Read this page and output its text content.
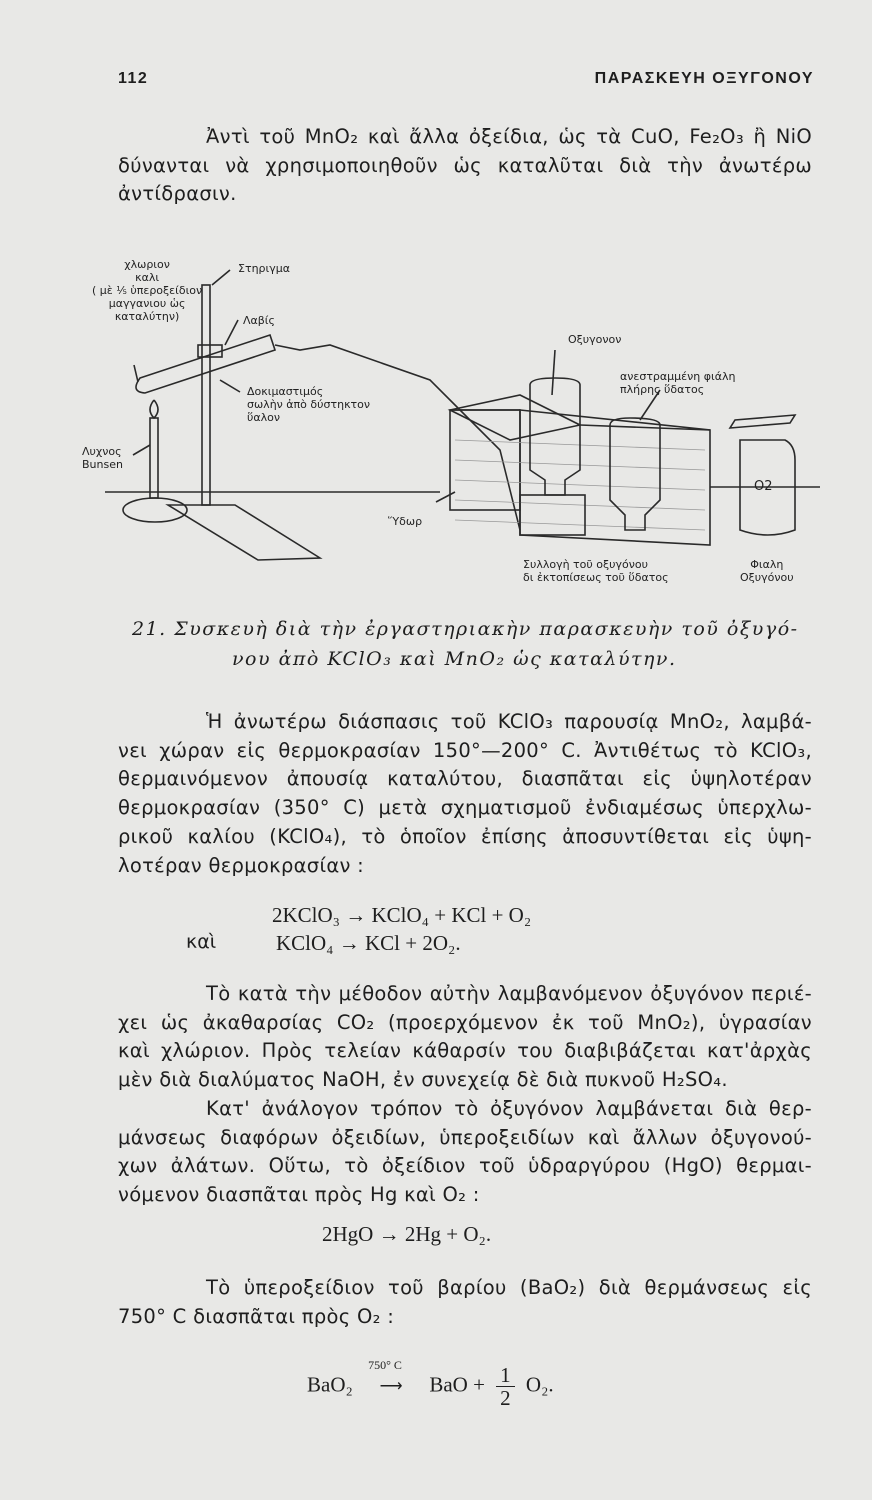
112	ΠΑΡΑΣΚΕΥΗ ΟΞΥΓΟΝΟΥ
Ἀντὶ τοῦ MnO₂ καὶ ἄλλα ὀξείδια, ὡς τὰ CuO, Fe₂O₃ ἢ NiO
δύνανται νὰ χρησιμοποιηθοῦν ὡς καταλῦται διὰ τὴν ἀνωτέρω
ἀντίδρασιν.
χλωριον
καλι
( μὲ ⅕ ὑπεροξείδιον
μαγγανιου ὡς
καταλύτην)
Στηριγμα
Λαβίς
Δοκιμαστιμός
σωλὴν ἀπὸ δύστηκτον
ὕαλον
Λυχνος
Bunsen
Ὕδωρ
Οξυγονον
ανεστραμμένη φιάλη
πλήρης ὕδατος
Συλλογὴ τοῦ οξυγόνου
δι ἐκτοπίσεως τοῦ ὕδατος
O2
Φιαλη
Οξυγόνου
21. Συσκευὴ διὰ τὴν ἐργαστηριακὴν παρασκευὴν τοῦ ὀξυγό-
νου ἀπὸ KClO₃ καὶ MnO₂ ὡς καταλύτην.
Ἡ ἀνωτέρω διάσπασις τοῦ KClO₃ παρουσίᾳ MnO₂, λαμβά-
νει χώραν εἰς θερμοκρασίαν 150°—200° C. Ἀντιθέτως τὸ KClO₃,
θερμαινόμενον ἀπουσίᾳ καταλύτου, διασπᾶται εἰς ὑψηλοτέραν
θερμοκρασίαν (350° C) μετὰ σχηματισμοῦ ἐνδιαμέσως ὑπερχλω-
ρικοῦ καλίου (KClO₄), τὸ ὁποῖον ἐπίσης ἀποσυντίθεται εἰς ὑψη-
λοτέραν θερμοκρασίαν :
2KClO₃ → KClO₄ + KCl + O₂
καὶ	KClO₄ → KCl + 2O₂.
Τὸ κατὰ τὴν μέθοδον αὐτὴν λαμβανόμενον ὀξυγόνον περιέ-
χει ὡς ἀκαθαρσίας CO₂ (προερχόμενον ἐκ τοῦ MnO₂), ὑγρασίαν
καὶ χλώριον. Πρὸς τελείαν κάθαρσίν του διαβιβάζεται κατ'ἀρχὰς
μὲν διὰ διαλύματος NaOH, ἐν συνεχείᾳ δὲ διὰ πυκνοῦ H₂SO₄.
Κατ' ἀνάλογον τρόπον τὸ ὀξυγόνον λαμβάνεται διὰ θερ-
μάνσεως διαφόρων ὀξειδίων, ὑπεροξειδίων καὶ ἄλλων ὀξυγονού-
χων ἀλάτων. Οὕτω, τὸ ὀξείδιον τοῦ ὑδραργύρου (HgO) θερμαι-
νόμενον διασπᾶται πρὸς Hg καὶ O₂ :
2HgO → 2Hg + O₂.
Τὸ ὑπεροξείδιον τοῦ βαρίου (BaO₂) διὰ θερμάνσεως εἰς
750° C διασπᾶται πρὸς O₂ :
BaO₂
750° C
⟶ BaO + $\frac{1}{2} O_2$.
